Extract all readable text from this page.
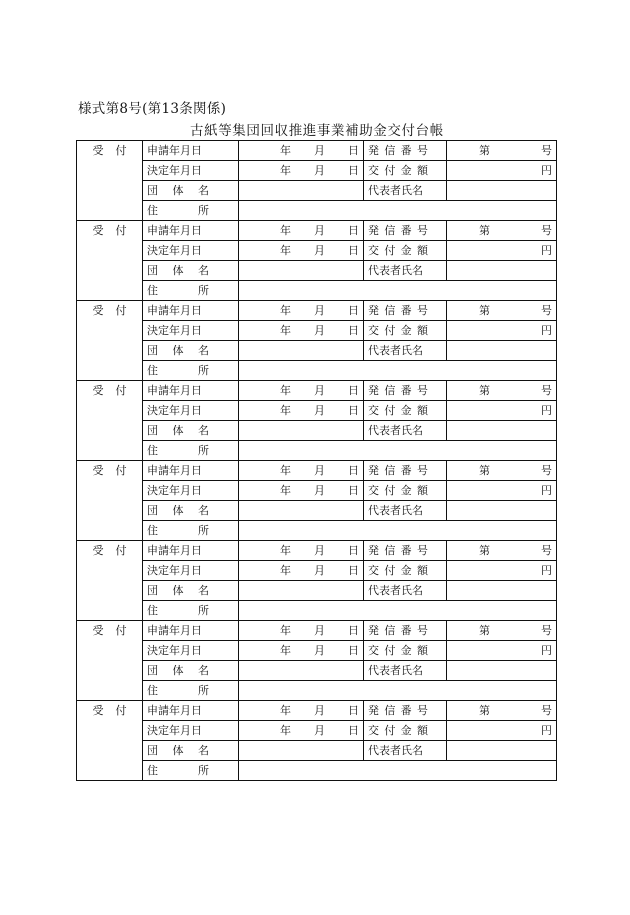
様式第8号(第13条関係)
古紙等集団回収推進事業補助金交付台帳
受 付	申請年月日	年 月 日	発 信 番 号	第 号

	決定年月日	年 月 日	交 付 金 額	円

	団 体 名		代表者氏名	

	住 所			

受 付	申請年月日	年 月 日	発 信 番 号	第 号

	決定年月日	年 月 日	交 付 金 額	円

	団 体 名		代表者氏名	

	住 所			

受 付	申請年月日	年 月 日	発 信 番 号	第 号

	決定年月日	年 月 日	交 付 金 額	円

	団 体 名		代表者氏名	

	住 所			

受 付	申請年月日	年 月 日	発 信 番 号	第 号

	決定年月日	年 月 日	交 付 金 額	円

	団 体 名		代表者氏名	

	住 所			

受 付	申請年月日	年 月 日	発 信 番 号	第 号

	決定年月日	年 月 日	交 付 金 額	円

	団 体 名		代表者氏名	

	住 所			

受 付	申請年月日	年 月 日	発 信 番 号	第 号

	決定年月日	年 月 日	交 付 金 額	円

	団 体 名		代表者氏名	

	住 所			

受 付	申請年月日	年 月 日	発 信 番 号	第 号

	決定年月日	年 月 日	交 付 金 額	円

	団 体 名		代表者氏名	

	住 所			

受 付	申請年月日	年 月 日	発 信 番 号	第 号

	決定年月日	年 月 日	交 付 金 額	円

	団 体 名		代表者氏名	

	住 所			
